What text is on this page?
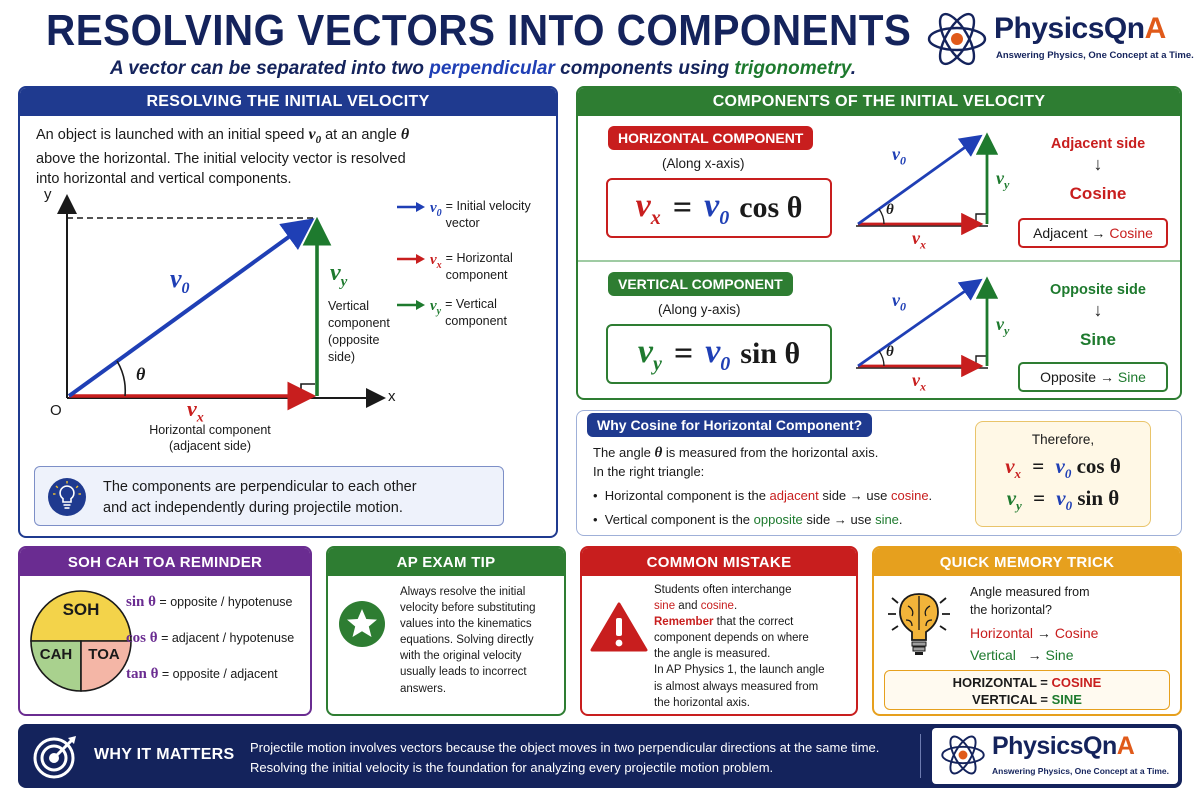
RESOLVING VECTORS INTO COMPONENTS
A vector can be separated into two perpendicular components using trigonometry.
PhysicsQnA
Answering Physics, One Concept at a Time.
RESOLVING THE INITIAL VELOCITY
An object is launched with an initial speed $v_0$ at an angle θ
above the horizontal. The initial velocity vector is resolved
into horizontal and vertical components.
y
x
O
$v_0$
$v_y$
$v_x$
θ
Vertical
component (opposite
side)
Horizontal component
(adjacent side)
$v_0$
= Initial velocity
vector
$v_x$
= Horizontal
component
$v_y$
= Vertical
component
The components are perpendicular to each other
and act independently during projectile motion.
COMPONENTS OF THE INITIAL VELOCITY
HORIZONTAL COMPONENT
(Along x-axis)
$v_x = v_0$ cos θ
$v_0$
$v_y$
$v_x$
θ
Adjacent side
↓
Cosine
Adjacent →
Cosine
VERTICAL COMPONENT
(Along y-axis)
$v_y = v_0$ sin θ
$v_0$
$v_y$
$v_x$
θ
Opposite side
↓
Sine
Opposite →
Sine
Why Cosine for Horizontal Component?
The angle θ is measured from the horizontal axis.
In the right triangle:
•  Horizontal component is the adjacent side → use cosine.
•  Vertical component is the opposite side → use sine.
Therefore,
$v_x = v_0$ cos θ
$v_y = v_0$ sin θ
SOH CAH TOA REMINDER
SOH
CAH	TOA
sin θ = opposite / hypotenuse
cos θ = adjacent / hypotenuse
tan θ = opposite / adjacent
AP EXAM TIP
Always resolve the initial
velocity before substituting
values into the kinematics
equations. Solving directly
with the original velocity
usually leads to incorrect
answers.
COMMON MISTAKE
Students often interchange
sine and cosine.
Remember that the correct
component depends on where
the angle is measured.
In AP Physics 1, the launch angle
is almost always measured from
the horizontal axis.
QUICK MEMORY TRICK
Angle measured from
the horizontal?
Horizontal → Cosine
Vertical → Sine
HORIZONTAL = COSINE
VERTICAL = SINE
WHY IT MATTERS Projectile motion involves vectors because the object moves in two perpendicular directions at the same time.
Resolving the initial velocity is the foundation for analyzing every projectile motion problem.
PhysicsQnA
Answering Physics, One Concept at a Time.
